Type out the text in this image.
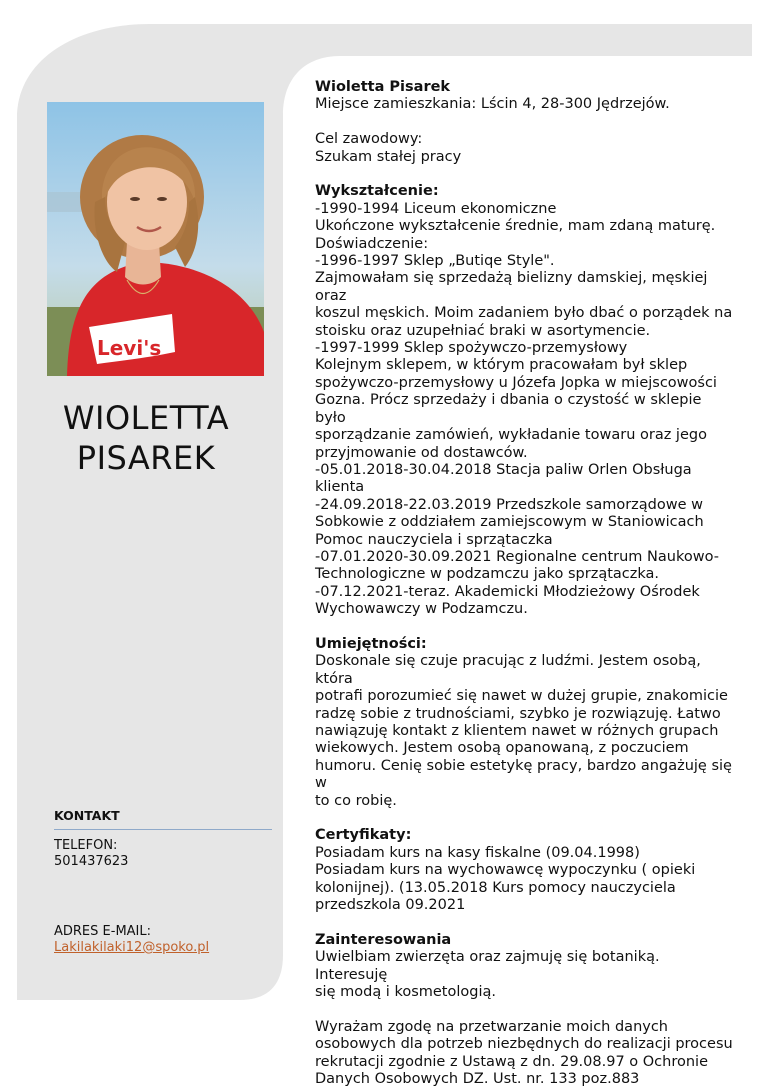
Levi's
WIOLETTA
PISAREK
KONTAKT
TELEFON:
501437623
ADRES E-MAIL:
Lakilakilaki12@spoko.pl

Wioletta Pisarek

Miejsce zamieszkania: Lścin 4, 28-300 Jędrzejów.

Cel zawodowy:

Szukam stałej pracy

Wykształcenie:

-1990-1994 Liceum ekonomiczne

Ukończone wykształcenie średnie, mam zdaną maturę.

Doświadczenie:

-1996-1997 Sklep „Butiqe Style".

Zajmowałam się sprzedażą bielizny damskiej, męskiej oraz

koszul męskich. Moim zadaniem było dbać o porządek na

stoisku oraz uzupełniać braki w asortymencie.

-1997-1999 Sklep spożywczo-przemysłowy

Kolejnym sklepem, w którym pracowałam był sklep

spożywczo-przemysłowy u Józefa Jopka w miejscowości

Gozna. Prócz sprzedaży i dbania o czystość w sklepie było

sporządzanie zamówień, wykładanie towaru oraz jego

przyjmowanie od dostawców.

-05.01.2018-30.04.2018 Stacja paliw Orlen Obsługa klienta

-24.09.2018-22.03.2019 Przedszkole samorządowe w

Sobkowie z oddziałem zamiejscowym w Staniowicach

Pomoc nauczyciela i sprzątaczka

-07.01.2020-30.09.2021 Regionalne centrum Naukowo-

Technologiczne w podzamczu jako sprzątaczka.

-07.12.2021-teraz. Akademicki Młodzieżowy Ośrodek

Wychowawczy w Podzamczu.

Umiejętności:

Doskonale się czuje pracując z ludźmi. Jestem osobą, która

potrafi porozumieć się nawet w dużej grupie, znakomicie

radzę sobie z trudnościami, szybko je rozwiązuję. Łatwo

nawiązuję kontakt z klientem nawet w różnych grupach

wiekowych. Jestem osobą opanowaną, z poczuciem

humoru. Cenię sobie estetykę pracy, bardzo angażuję się w

to co robię.

Certyfikaty:

Posiadam kurs na kasy fiskalne (09.04.1998)

Posiadam kurs na wychowawcę wypoczynku ( opieki

kolonijnej). (13.05.2018 Kurs pomocy nauczyciela

przedszkola 09.2021

Zainteresowania

Uwielbiam zwierzęta oraz zajmuję się botaniką. Interesuję

się modą i kosmetologią.

Wyrażam zgodę na przetwarzanie moich danych

osobowych dla potrzeb niezbędnych do realizacji procesu

rekrutacji zgodnie z Ustawą z dn. 29.08.97 o Ochronie

Danych Osobowych DZ. Ust. nr. 133 poz.883
